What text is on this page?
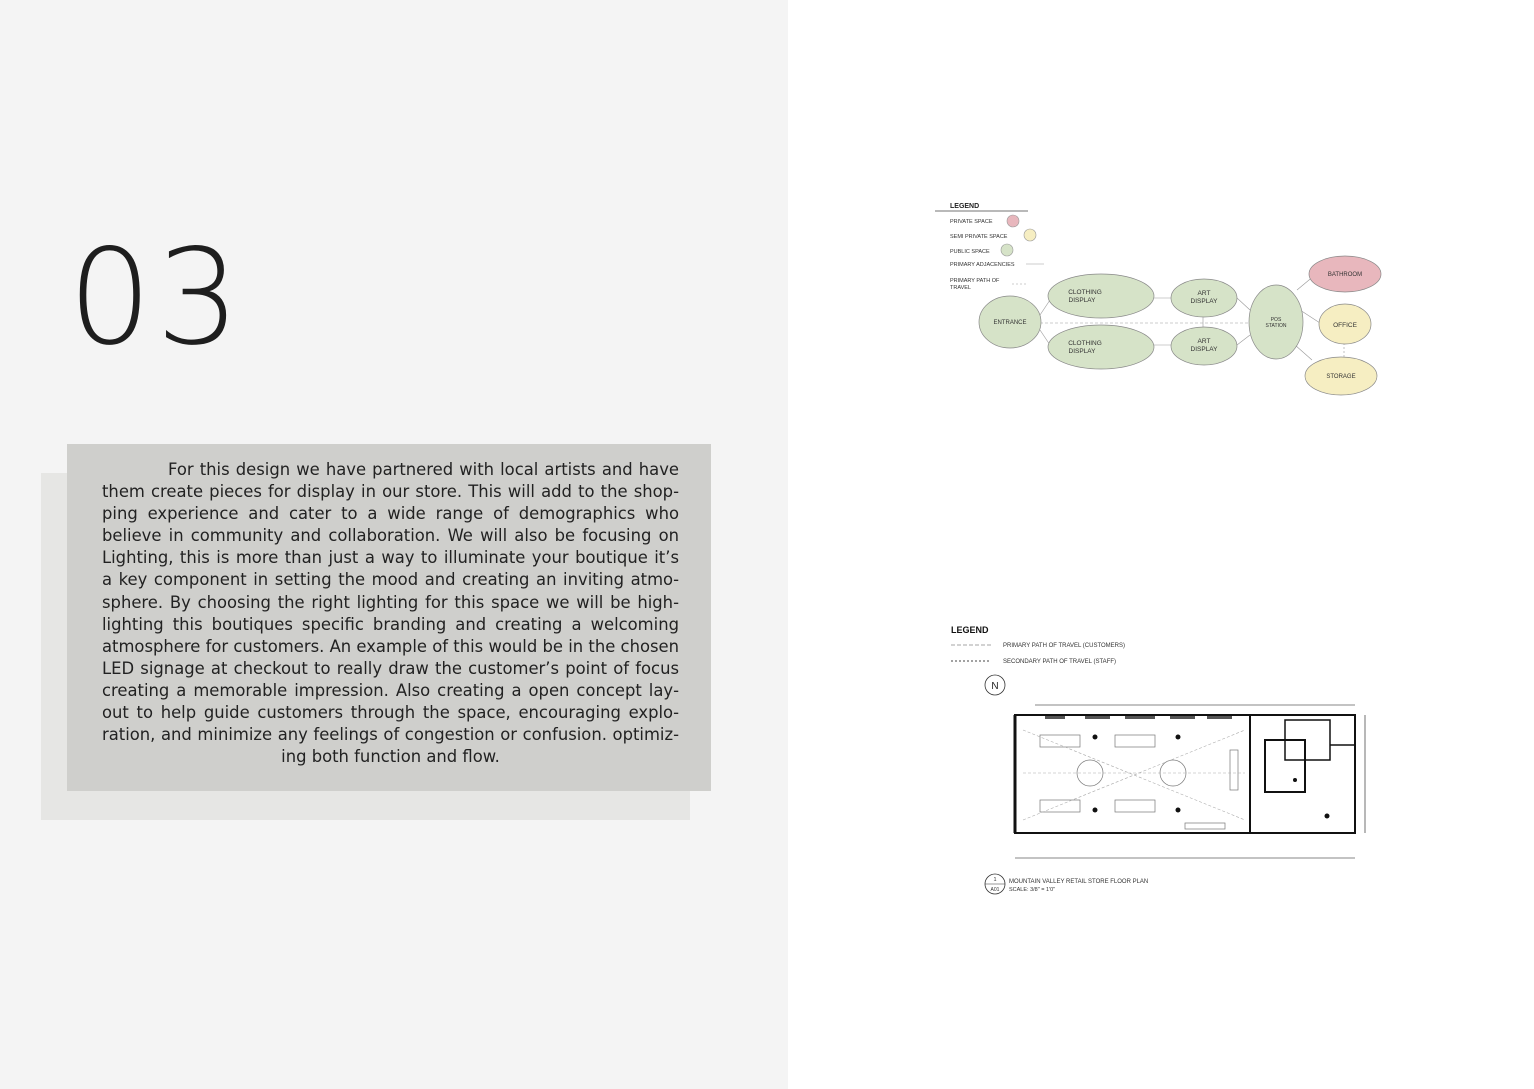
03

For this design we have partnered with local artists and have them create pieces for display in our store. This will add to the shopping experience and cater to a wide range of demographics who believe in community and collaboration. We will also be focusing on Lighting, this is more than just a way to illuminate your boutique it’s a key component in setting the mood and creating an inviting atmosphere. By choosing the right lighting for this space we will be highlighting this boutiques specific branding and creating a welcoming atmosphere for customers. An example of this would be in the chosen LED signage at checkout to really draw the customer’s point of focus creating a memorable impression. Also creating a open concept layout to help guide customers through the space, encouraging exploration, and minimize any feelings of congestion or confusion. optimizing both function and flow.

LEGEND
PRIVATE SPACE
SEMI PRIVATE SPACE
PUBLIC SPACE
PRIMARY ADJACENCIES
PRIMARY PATH OF
TRAVEL
ENTRANCE
CLOTHING
DISPLAY
CLOTHING
DISPLAY
ART
DISPLAY
ART
DISPLAY
POS
STATION
BATHROOM
OFFICE
STORAGE
LEGEND
PRIMARY PATH OF TRAVEL (CUSTOMERS)
SECONDARY PATH OF TRAVEL (STAFF)
N
1
A01
MOUNTAIN VALLEY RETAIL STORE FLOOR PLAN
SCALE: 3/8" = 1'0"
